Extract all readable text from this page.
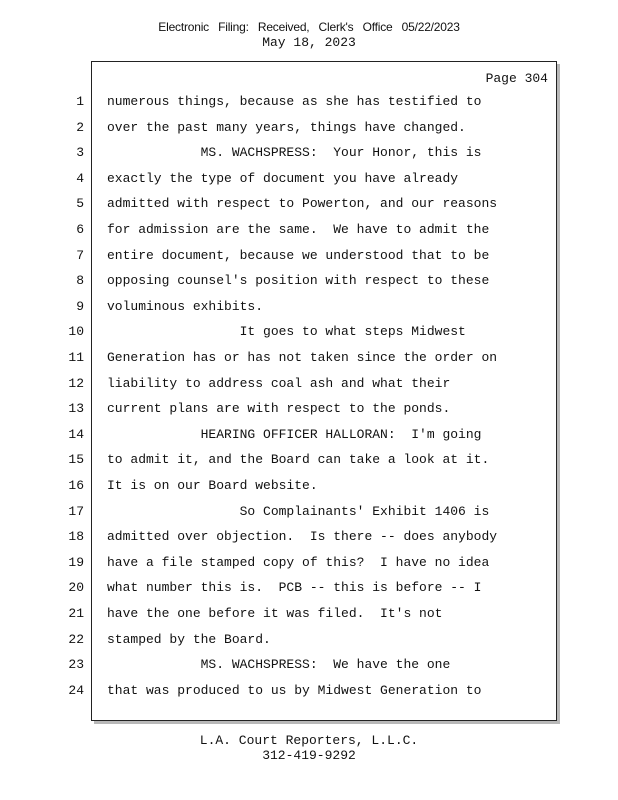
Electronic Filing: Received, Clerk's Office 05/22/2023
May 18, 2023
Page 304
1 numerous things, because as she has testified to
2 over the past many years, things have changed.
3 MS. WACHSPRESS:  Your Honor, this is
4 exactly the type of document you have already
5 admitted with respect to Powerton, and our reasons
6 for admission are the same.  We have to admit the
7 entire document, because we understood that to be
8 opposing counsel's position with respect to these
9 voluminous exhibits.
10 It goes to what steps Midwest
11 Generation has or has not taken since the order on
12 liability to address coal ash and what their
13 current plans are with respect to the ponds.
14 HEARING OFFICER HALLORAN:  I'm going
15 to admit it, and the Board can take a look at it.
16 It is on our Board website.
17 So Complainants' Exhibit 1406 is
18 admitted over objection.  Is there -- does anybody
19 have a file stamped copy of this?  I have no idea
20 what number this is.  PCB -- this is before -- I
21 have the one before it was filed.  It's not
22 stamped by the Board.
23 MS. WACHSPRESS:  We have the one
24 that was produced to us by Midwest Generation to
L.A. Court Reporters, L.L.C.
312-419-9292
